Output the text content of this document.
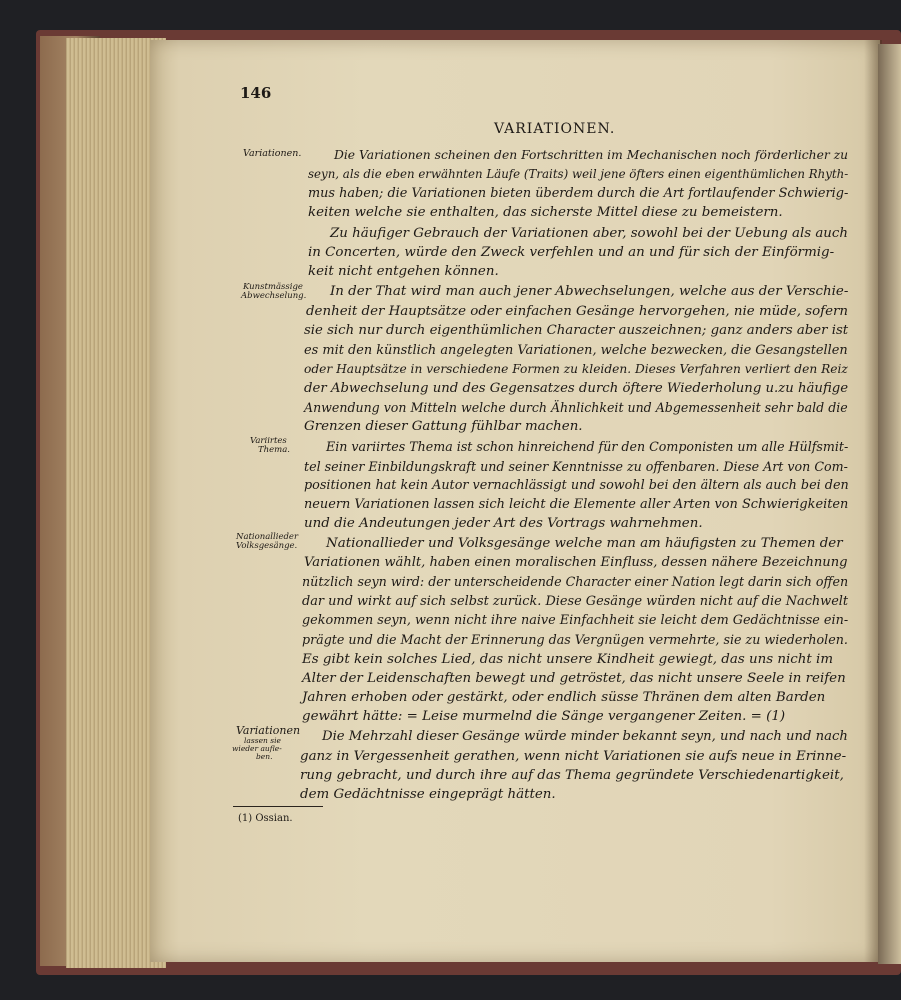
146
VARIATIONEN.
Variationen.
Kunstmässige
Abwechselung.
Variirtes
Thema.
Nationallieder
Volksgesänge.
Variationen
lassen sie
wieder aufle-
ben.
Die Variationen scheinen den Fortschritten im Mechanischen noch förderlicher zu
seyn, als die eben erwähnten Läufe (Traits) weil jene öfters einen eigenthümlichen Rhyth-
mus haben; die Variationen bieten überdem durch die Art fortlaufender Schwierig-
keiten welche sie enthalten, das sicherste Mittel diese zu bemeistern.
Zu häufiger Gebrauch der Variationen aber, sowohl bei der Uebung als auch
in Concerten, würde den Zweck verfehlen und an und für sich der Einförmig-
keit nicht entgehen können.
In der That wird man auch jener Abwechselungen, welche aus der Verschie-
denheit der Hauptsätze oder einfachen Gesänge hervorgehen, nie müde, sofern
sie sich nur durch eigenthümlichen Character auszeichnen; ganz anders aber ist
es mit den künstlich angelegten Variationen, welche bezwecken, die Gesangstellen
oder Hauptsätze in verschiedene Formen zu kleiden. Dieses Verfahren verliert den Reiz
der Abwechselung und des Gegensatzes durch öftere Wiederholung u.zu häufige
Anwendung von Mitteln welche durch Ähnlichkeit und Abgemessenheit sehr bald die
Grenzen dieser Gattung fühlbar machen.
Ein variirtes Thema ist schon hinreichend für den Componisten um alle Hülfsmit-
tel seiner Einbildungskraft und seiner Kenntnisse zu offenbaren. Diese Art von Com-
positionen hat kein Autor vernachlässigt und sowohl bei den ältern als auch bei den
neuern Variationen lassen sich leicht die Elemente aller Arten von Schwierigkeiten
und die Andeutungen jeder Art des Vortrags wahrnehmen.
Nationallieder und Volksgesänge welche man am häufigsten zu Themen der
Variationen wählt, haben einen moralischen Einfluss, dessen nähere Bezeichnung
nützlich seyn wird: der unterscheidende Character einer Nation legt darin sich offen
dar und wirkt auf sich selbst zurück. Diese Gesänge würden nicht auf die Nachwelt
gekommen seyn, wenn nicht ihre naive Einfachheit sie leicht dem Gedächtnisse ein-
prägte und die Macht der Erinnerung das Vergnügen vermehrte, sie zu wiederholen.
Es gibt kein solches Lied, das nicht unsere Kindheit gewiegt, das uns nicht im
Alter der Leidenschaften bewegt und getröstet, das nicht unsere Seele in reifen
Jahren erhoben oder gestärkt, oder endlich süsse Thränen dem alten Barden
gewährt hätte: = Leise murmelnd die Sänge vergangener Zeiten. = (1)
Die Mehrzahl dieser Gesänge würde minder bekannt seyn, und nach und nach
ganz in Vergessenheit gerathen, wenn nicht Variationen sie aufs neue in Erinne-
rung gebracht, und durch ihre auf das Thema gegründete Verschiedenartigkeit,
dem Gedächtnisse eingeprägt hätten.
(1) Ossian.
